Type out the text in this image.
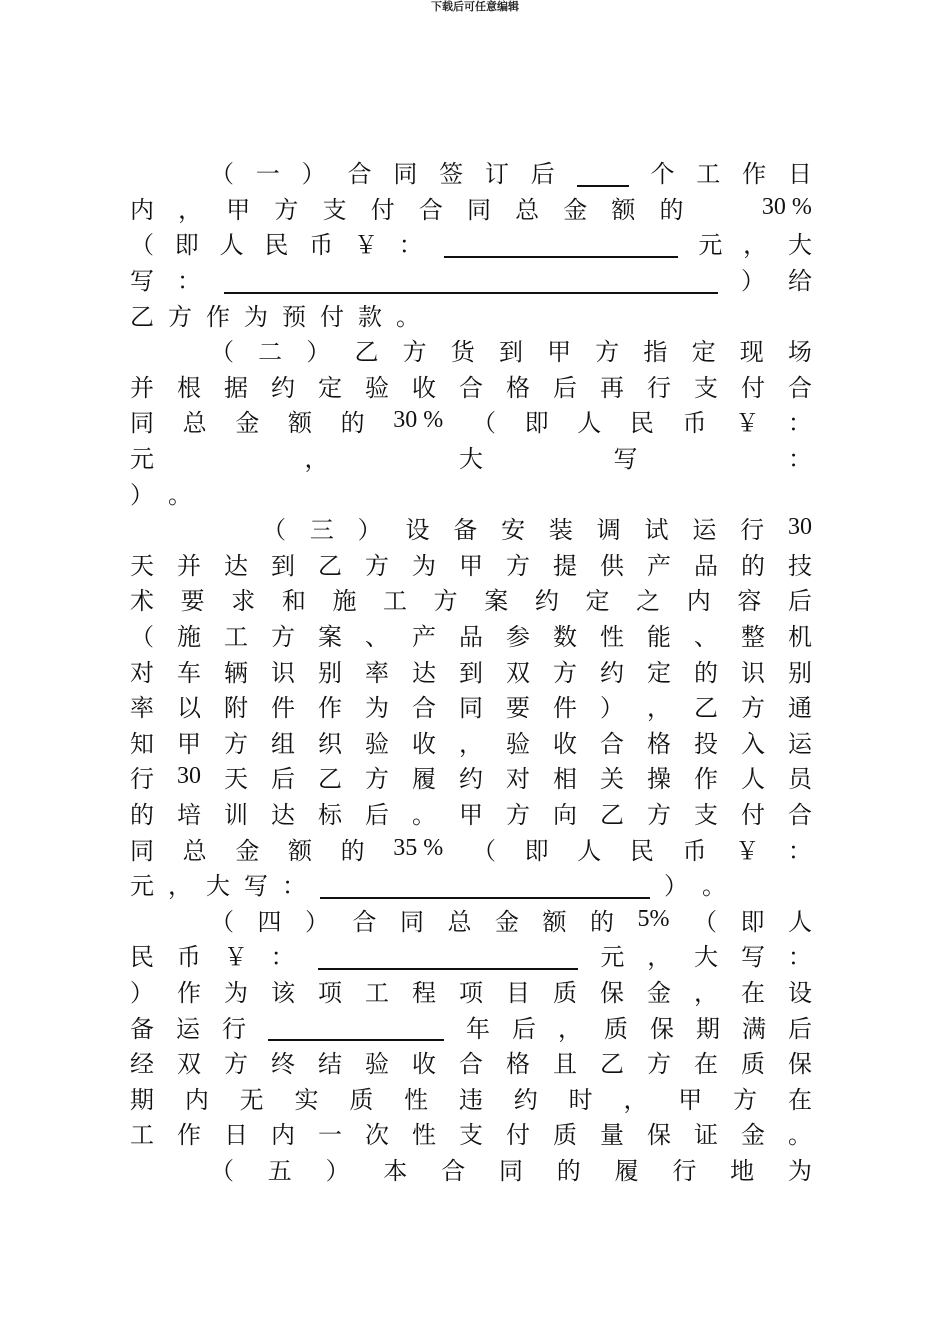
下载后可任意编辑
（ 一 ） 合 同 签 订 后	个 工 作 日
内 ， 甲 方 支 付 合 同 总 金 额 的	30 %
（ 即 人 民 币 ￥ ：	元 ， 大
写 ：	） 给
乙 方 作 为 预 付 款 。
（ 二 ） 乙 方 货 到 甲 方 指 定 现 场
并 根 据 约 定 验 收 合 格 后 再 行 支 付 合
同 总 金 额 的 30 % （ 即 人 民 币 ￥ ：
元	，	大	写	：
） 。
（ 三 ） 设 备 安 装 调 试 运 行 30
天 并 达 到 乙 方 为 甲 方 提 供 产 品 的 技
术 要 求 和 施 工 方 案 约 定 之 内 容 后
（ 施 工 方 案 、 产 品 参 数 性 能 、 整 机
对 车 辆 识 别 率 达 到 双 方 约 定 的 识 别
率 以 附 件 作 为 合 同 要 件 ） ， 乙 方 通
知 甲 方 组 织 验 收 ， 验 收 合 格 投 入 运
行 30 天 后 乙 方 履 约 对 相 关 操 作 人 员
的 培 训 达 标 后 。 甲 方 向 乙 方 支 付 合
同 总 金 额 的 35 % （ 即 人 民 币 ￥ ：
元 ， 大 写 ：	） 。
（ 四 ） 合 同 总 金 额 的 5% （ 即 人
民 币 ￥ ：	元 ， 大 写 ：
） 作 为 该 项 工 程 项 目 质 保 金 ， 在 设
备 运 行	年 后 ， 质 保 期 满 后
经 双 方 终 结 验 收 合 格 且 乙 方 在 质 保
期 内 无 实 质 性 违 约 时 ， 甲 方 在
工 作 日 内 一 次 性 支 付 质 量 保 证 金 。
（ 五 ） 本 合 同 的 履 行 地 为
